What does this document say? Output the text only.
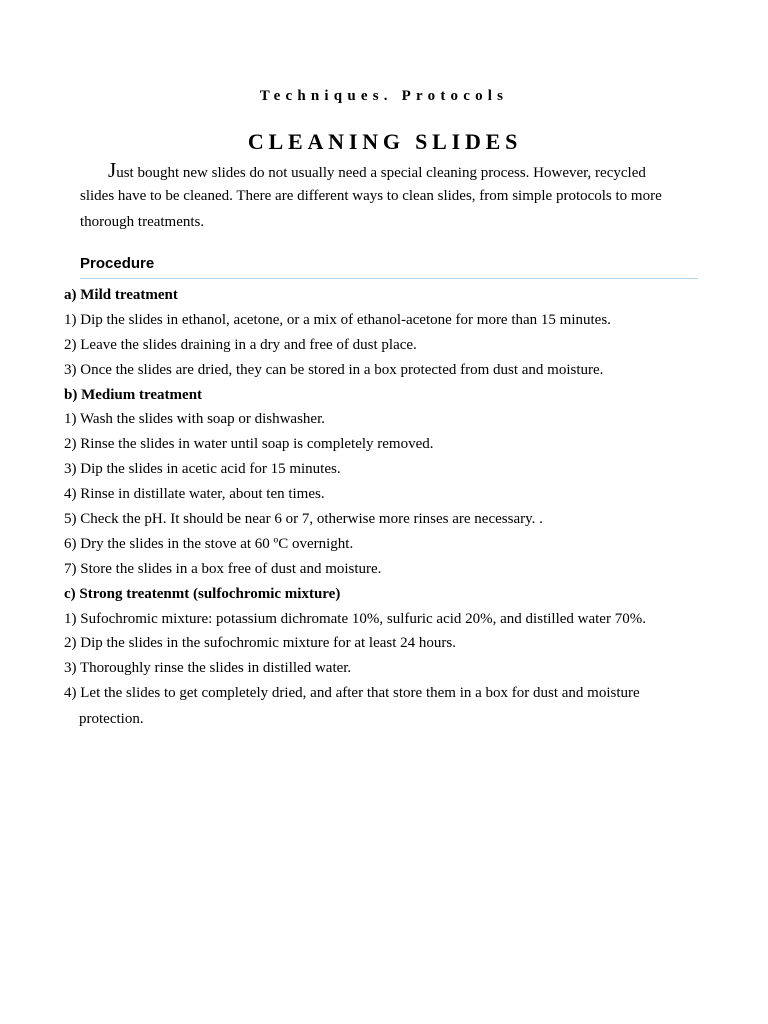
Techniques. Protocols
CLEANING SLIDES
Just bought new slides do not usually need a special cleaning process. However, recycled
slides have to be cleaned. There are different ways to clean slides, from simple protocols to more
thorough treatments.
Procedure
a) Mild treatment
1) Dip the slides in ethanol, acetone, or a mix of ethanol-acetone for more than 15 minutes.
2) Leave the slides draining in a dry and free of dust place.
3) Once the slides are dried, they can be stored in a box protected from dust and moisture.
b) Medium treatment
1) Wash the slides with soap or dishwasher.
2) Rinse the slides in water until soap is completely removed.
3) Dip the slides in acetic acid for 15 minutes.
4) Rinse in distillate water, about ten times.
5) Check the pH. It should be near 6 or 7, otherwise more rinses are necessary. .
6) Dry the slides in the stove at 60 ºC overnight.
7) Store the slides in a box free of dust and moisture.
c) Strong treatenmt (sulfochromic mixture)
1) Sufochromic mixture: potassium dichromate 10%, sulfuric acid 20%, and distilled water 70%.
2) Dip the slides in the sufochromic mixture for at least 24 hours.
3) Thoroughly rinse the slides in distilled water.
4) Let the slides to get completely dried, and after that store them in a box for dust and moisture
protection.
